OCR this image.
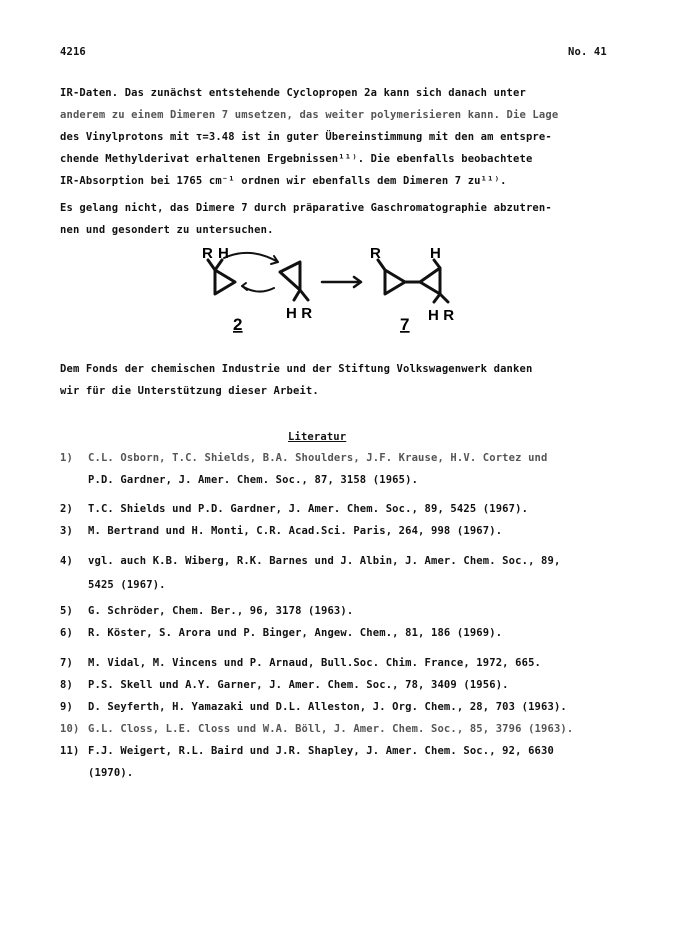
4216	No. 41
IR-Daten. Das zunächst entstehende Cyclopropen 2a kann sich danach unter
anderem zu einem Dimeren 7 umsetzen, das weiter polymerisieren kann. Die Lage
des Vinylprotons mit τ=3.48 ist in guter Übereinstimmung mit den am entspre-
chende Methylderivat erhaltenen Ergebnissen¹¹⁾. Die ebenfalls beobachtete
IR-Absorption bei 1765 cm⁻¹ ordnen wir ebenfalls dem Dimeren 7 zu¹¹⁾.
Es gelang nicht, das Dimere 7 durch präparative Gaschromatographie abzutren-
nen und gesondert zu untersuchen.
R H
H R
2
R	H
H R
7
Dem Fonds der chemischen Industrie und der Stiftung Volkswagenwerk danken
wir für die Unterstützung dieser Arbeit.
Literatur
1) C.L. Osborn, T.C. Shields, B.A. Shoulders, J.F. Krause, H.V. Cortez und
P.D. Gardner, J. Amer. Chem. Soc., 87, 3158 (1965).
2) T.C. Shields und P.D. Gardner, J. Amer. Chem. Soc., 89, 5425 (1967).
3) M. Bertrand und H. Monti, C.R. Acad.Sci. Paris, 264, 998 (1967).
4) vgl. auch K.B. Wiberg, R.K. Barnes und J. Albin, J. Amer. Chem. Soc., 89,
5425 (1967).
5) G. Schröder, Chem. Ber., 96, 3178 (1963).
6) R. Köster, S. Arora und P. Binger, Angew. Chem., 81, 186 (1969).
7) M. Vidal, M. Vincens und P. Arnaud, Bull.Soc. Chim. France, 1972, 665.
8) P.S. Skell und A.Y. Garner, J. Amer. Chem. Soc., 78, 3409 (1956).
9) D. Seyferth, H. Yamazaki und D.L. Alleston, J. Org. Chem., 28, 703 (1963).
10) G.L. Closs, L.E. Closs und W.A. Böll, J. Amer. Chem. Soc., 85, 3796 (1963).
11) F.J. Weigert, R.L. Baird und J.R. Shapley, J. Amer. Chem. Soc., 92, 6630
(1970).
